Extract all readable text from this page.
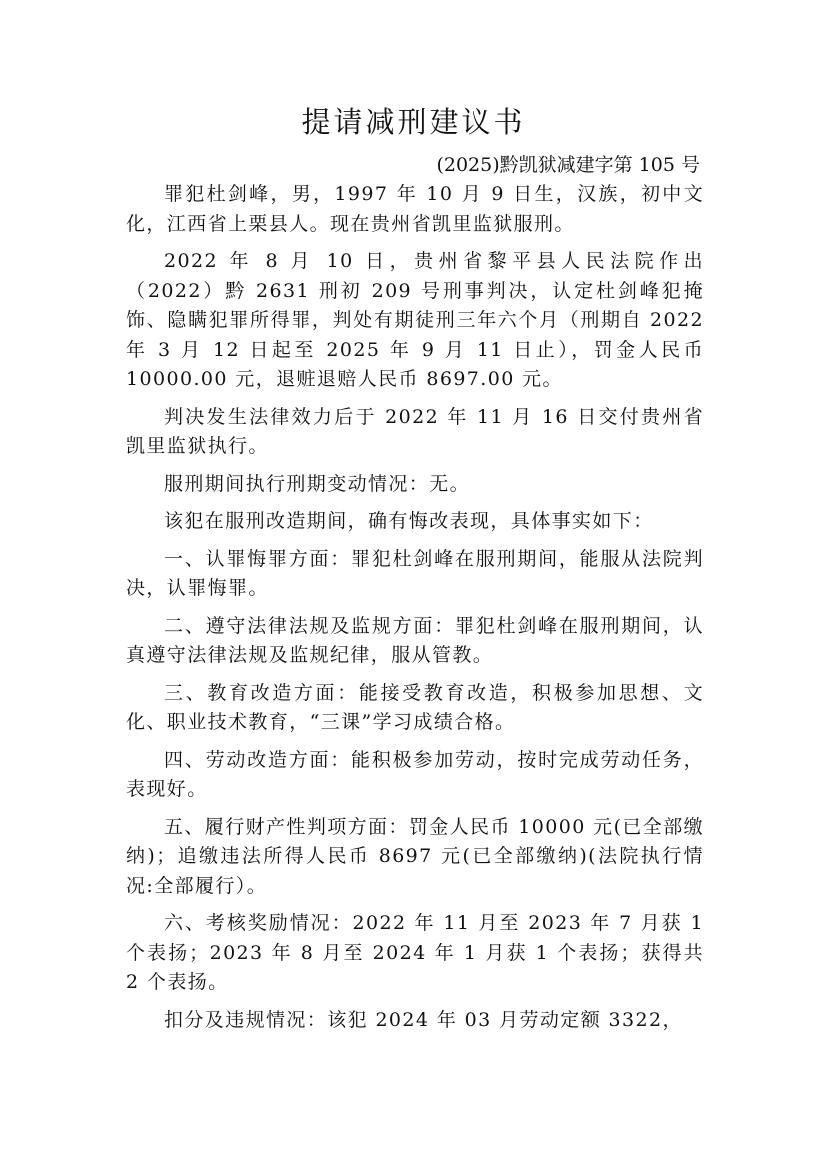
提请减刑建议书

(2025)黔凯狱减建字第 105 号

罪犯杜剑峰，男，1997 年 10 月 9 日生，汉族，初中文化，江西省上栗县人。现在贵州省凯里监狱服刑。

2022 年 8 月 10 日，贵州省黎平县人民法院作出（2022）黔 2631 刑初 209 号刑事判决，认定杜剑峰犯掩饰、隐瞒犯罪所得罪，判处有期徒刑三年六个月（刑期自 2022 年 3 月 12 日起至 2025 年 9 月 11 日止），罚金人民币 10000.00 元，退赃退赔人民币 8697.00 元。

判决发生法律效力后于 2022 年 11 月 16 日交付贵州省凯里监狱执行。

服刑期间执行刑期变动情况：无。

该犯在服刑改造期间，确有悔改表现，具体事实如下：

一、认罪悔罪方面：罪犯杜剑峰在服刑期间，能服从法院判决，认罪悔罪。

二、遵守法律法规及监规方面：罪犯杜剑峰在服刑期间，认真遵守法律法规及监规纪律，服从管教。

三、教育改造方面：能接受教育改造，积极参加思想、文化、职业技术教育，“三课”学习成绩合格。

四、劳动改造方面：能积极参加劳动，按时完成劳动任务，表现好。

五、履行财产性判项方面：罚金人民币 10000 元(已全部缴纳)；追缴违法所得人民币 8697 元(已全部缴纳)(法院执行情况:全部履行）。

六、考核奖励情况：2022 年 11 月至 2023 年 7 月获 1 个表扬；2023 年 8 月至 2024 年 1 月获 1 个表扬；获得共 2 个表扬。

扣分及违规情况：该犯 2024 年 03 月劳动定额 3322，
